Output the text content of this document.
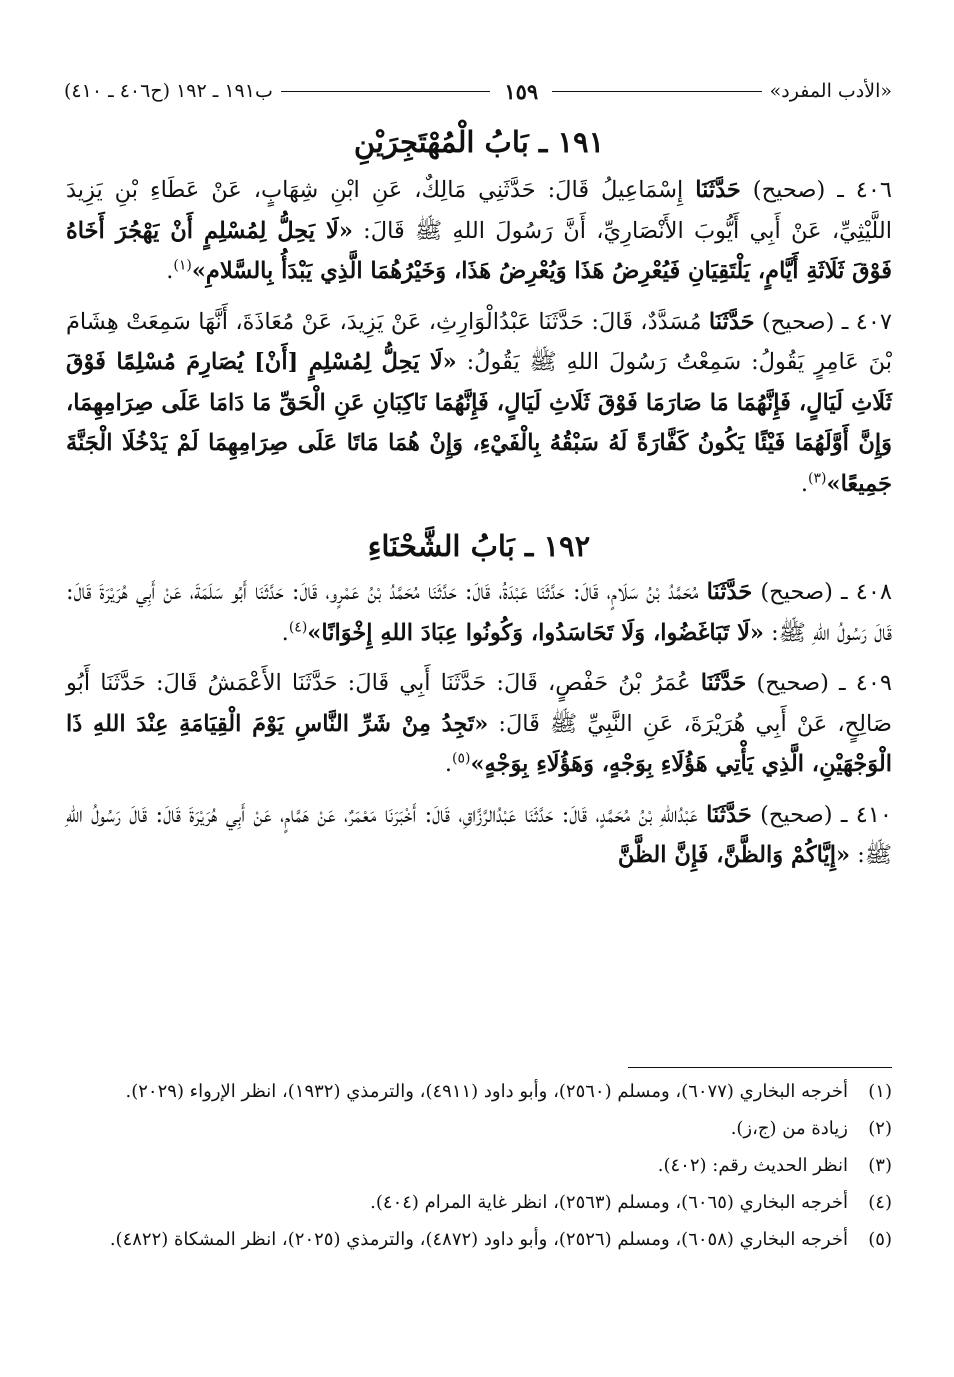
«الأدب المفرد»
١٥٩
ب١٩١ ـ ١٩٢ (ح٤٠٦ ـ ٤١٠)
١٩١ ـ بَابُ الْمُهْتَجِرَيْنِ

٤٠٦ ـ (صحيح) حَدَّثَنَا إِسْمَاعِيلُ قَالَ: حَدَّثَنِي مَالِكٌ، عَنِ ابْنِ شِهَابٍ، عَنْ عَطَاءِ بْنِ يَزِيدَ اللَّيْثِيِّ، عَنْ أَبِي أَيُّوبَ الأَنْصَارِيِّ، أَنَّ رَسُولَ اللهِ ﷺ قَالَ: «لَا يَحِلُّ لِمُسْلِمٍ أَنْ يَهْجُرَ أَخَاهُ فَوْقَ ثَلَاثَةِ أَيَّامٍ، يَلْتَقِيَانِ فَيُعْرِضُ هَذَا وَيُعْرِضُ هَذَا، وَخَيْرُهُمَا الَّذِي يَبْدَأُ بِالسَّلامِ»$^{(١)}$.

٤٠٧ ـ (صحيح) حَدَّثَنَا مُسَدَّدٌ، قَالَ: حَدَّثَنَا عَبْدُالْوَارِثِ، عَنْ يَزِيدَ، عَنْ مُعَاذَةَ، أَنَّهَا سَمِعَتْ هِشَامَ بْنَ عَامِرٍ يَقُولُ: سَمِعْتُ رَسُولَ اللهِ ﷺ يَقُولُ: «لَا يَحِلُّ لِمُسْلِمٍ [أَنْ] يُصَارِمَ مُسْلِمًا فَوْقَ ثَلَاثِ لَيَالٍ، فَإِنَّهُمَا مَا صَارَمَا فَوْقَ ثَلَاثِ لَيَالٍ، فَإِنَّهُمَا نَاكِبَانِ عَنِ الْحَقِّ مَا دَامَا عَلَى صِرَامِهِمَا، وَإِنَّ أَوَّلَهُمَا فَيْئًا يَكُونُ كَفَّارَةً لَهُ سَبْقُهُ بِالْفَيْءِ، وَإِنْ هُمَا مَاتَا عَلَى صِرَامِهِمَا لَمْ يَدْخُلَا الْجَنَّةَ جَمِيعًا»$^{(٣)}$.

١٩٢ ـ بَابُ الشَّحْنَاءِ

٤٠٨ ـ (صحيح) حَدَّثَنَا مُحَمَّدُ بْنُ سَلَامٍ، قَالَ: حَدَّثَنَا عَبْدَةُ، قَالَ: حَدَّثَنَا مُحَمَّدُ بْنُ عَمْرٍو، قَالَ: حَدَّثَنَا أَبُو سَلَمَةَ، عَنْ أَبِي هُرَيْرَةَ قَالَ: قَالَ رَسُولُ اللهِ ﷺ: «لَا تَبَاغَضُوا، وَلَا تَحَاسَدُوا، وَكُونُوا عِبَادَ اللهِ إِخْوَانًا»$^{(٤)}$.

٤٠٩ ـ (صحيح) حَدَّثَنَا عُمَرُ بْنُ حَفْصٍ، قَالَ: حَدَّثَنَا أَبِي قَالَ: حَدَّثَنَا الأَعْمَشُ قَالَ: حَدَّثَنَا أَبُو صَالِحٍ، عَنْ أَبِي هُرَيْرَةَ، عَنِ النَّبِيِّ ﷺ قَالَ: «تَجِدُ مِنْ شَرِّ النَّاسِ يَوْمَ الْقِيَامَةِ عِنْدَ اللهِ ذَا الْوَجْهَيْنِ، الَّذِي يَأْتِي هَؤُلَاءِ بِوَجْهٍ، وَهَؤُلَاءِ بِوَجْهٍ»$^{(٥)}$.

٤١٠ ـ (صحيح) حَدَّثَنَا عَبْدُاللهِ بْنُ مُحَمَّدٍ، قَالَ: حَدَّثَنَا عَبْدُالرَّزَّاقِ، قَالَ: أَخْبَرَنَا مَعْمَرٌ، عَنْ هَمَّامٍ، عَنْ أَبِي هُرَيْرَةَ قَالَ: قَالَ رَسُولُ اللهِ ﷺ: «إِيَّاكُمْ وَالظَّنَّ، فَإِنَّ الظَّنَّ

(١)
أخرجه البخاري (٦٠٧٧)، ومسلم (٢٥٦٠)، وأبو داود (٤٩١١)، والترمذي (١٩٣٢)، انظر الإرواء (٢٠٢٩).
(٢)
زيادة من (ج،ز).
(٣)
انظر الحديث رقم: (٤٠٢).
(٤)
أخرجه البخاري (٦٠٦٥)، ومسلم (٢٥٦٣)، انظر غاية المرام (٤٠٤).
(٥)
أخرجه البخاري (٦٠٥٨)، ومسلم (٢٥٢٦)، وأبو داود (٤٨٧٢)، والترمذي (٢٠٢٥)، انظر المشكاة (٤٨٢٢).
